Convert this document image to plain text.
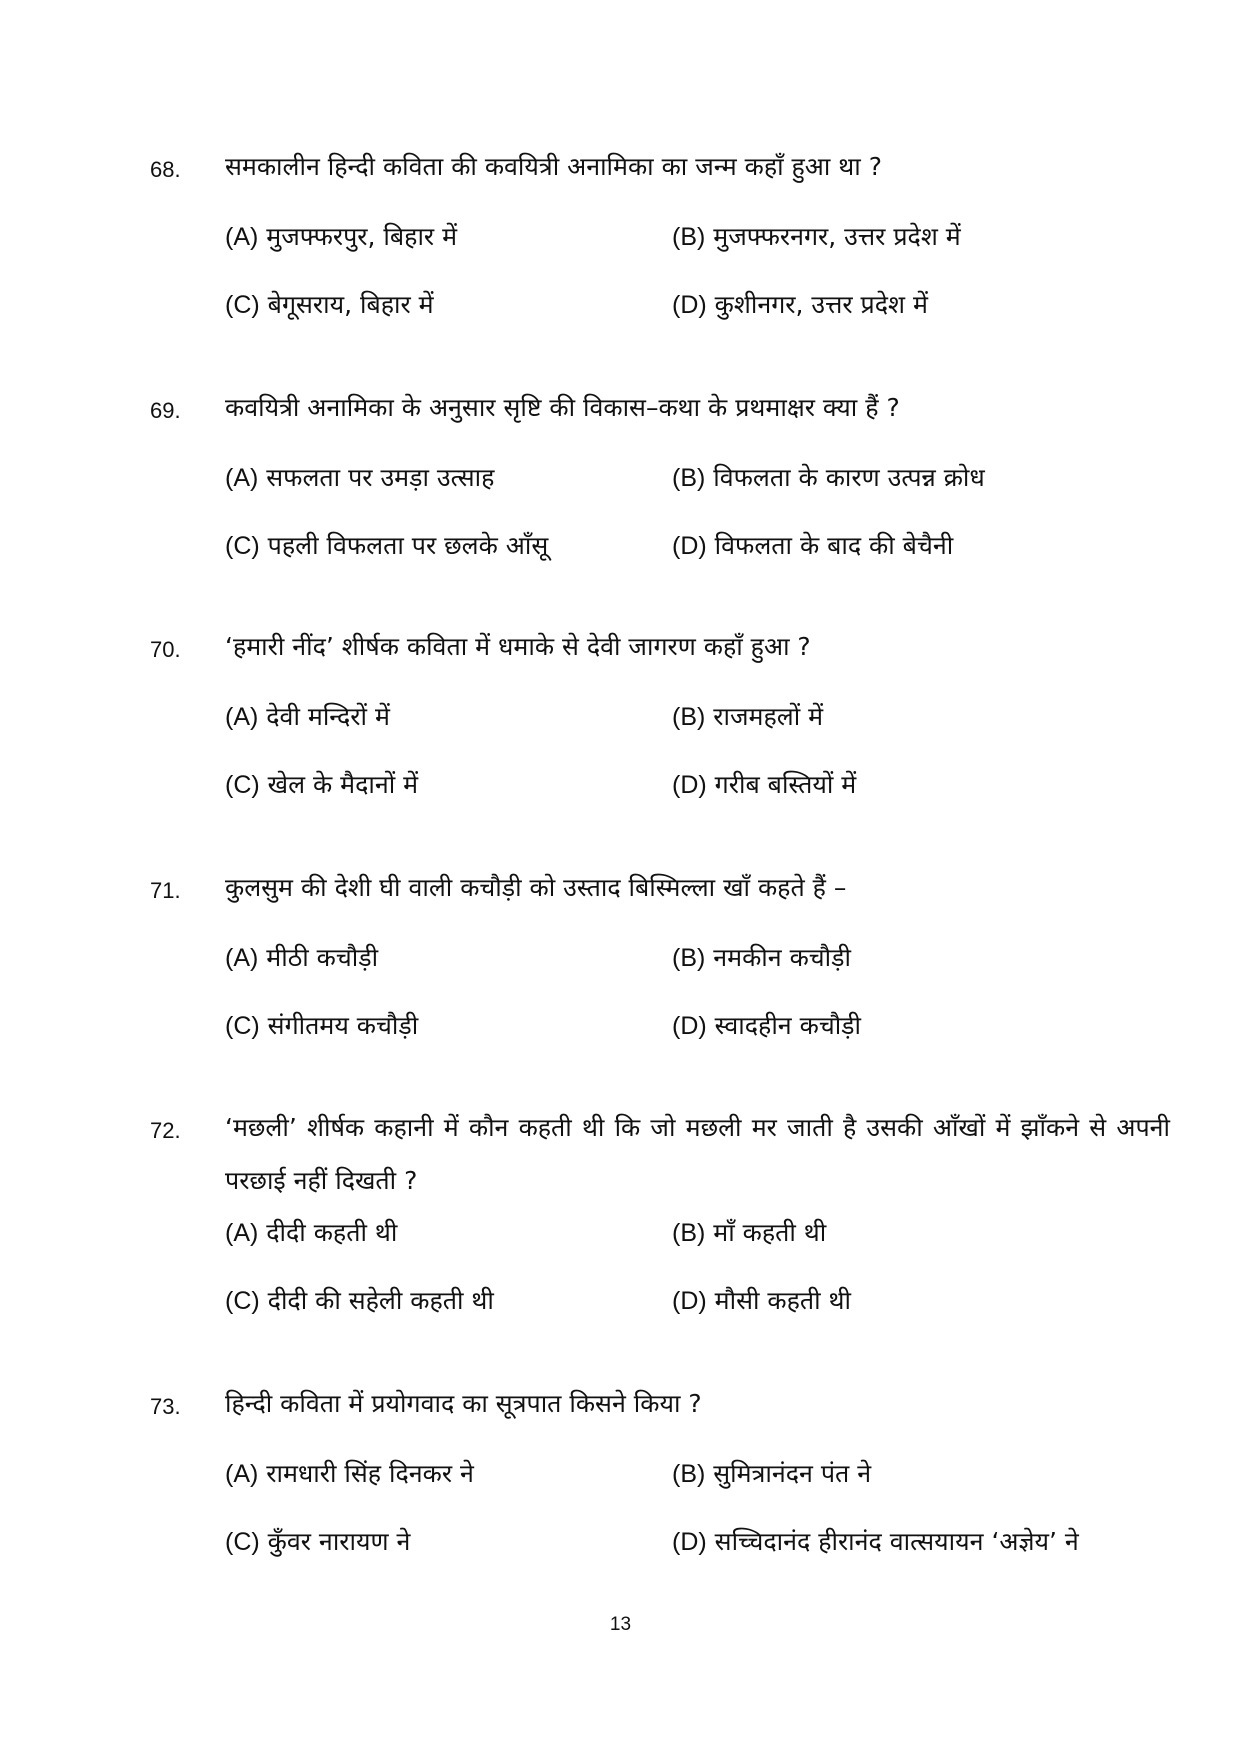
68. समकालीन हिन्दी कविता की कवयित्री अनामिका का जन्म कहाँ हुआ था ?
(A) मुजफ्फरपुर, बिहार में	(B) मुजफ्फरनगर, उत्तर प्रदेश में
(C) बेगूसराय, बिहार में	(D) कुशीनगर, उत्तर प्रदेश में
69. कवयित्री अनामिका के अनुसार सृष्टि की विकास–कथा के प्रथमाक्षर क्या हैं ?
(A) सफलता पर उमड़ा उत्साह	(B) विफलता के कारण उत्पन्न क्रोध
(C) पहली विफलता पर छलके आँसू	(D) विफलता के बाद की बेचैनी
70. ‘हमारी नींद’ शीर्षक कविता में धमाके से देवी जागरण कहाँ हुआ ?
(A) देवी मन्दिरों में	(B) राजमहलों में
(C) खेल के मैदानों में	(D) गरीब बस्तियों में
71. कुलसुम की देशी घी वाली कचौड़ी को उस्ताद बिस्मिल्ला खाँ कहते हैं –
(A) मीठी कचौड़ी	(B) नमकीन कचौड़ी
(C) संगीतमय कचौड़ी	(D) स्वादहीन कचौड़ी
72. ‘मछली’ शीर्षक कहानी में कौन कहती थी कि जो मछली मर जाती है उसकी आँखों में झाँकने से अपनी परछाई नहीं दिखती ?
(A) दीदी कहती थी	(B) माँ कहती थी
(C) दीदी की सहेली कहती थी	(D) मौसी कहती थी
73. हिन्दी कविता में प्रयोगवाद का सूत्रपात किसने किया ?
(A) रामधारी सिंह दिनकर ने	(B) सुमित्रानंदन पंत ने
(C) कुँवर नारायण ने	(D) सच्चिदानंद हीरानंद वात्सयायन ‘अज्ञेय’ ने
13
